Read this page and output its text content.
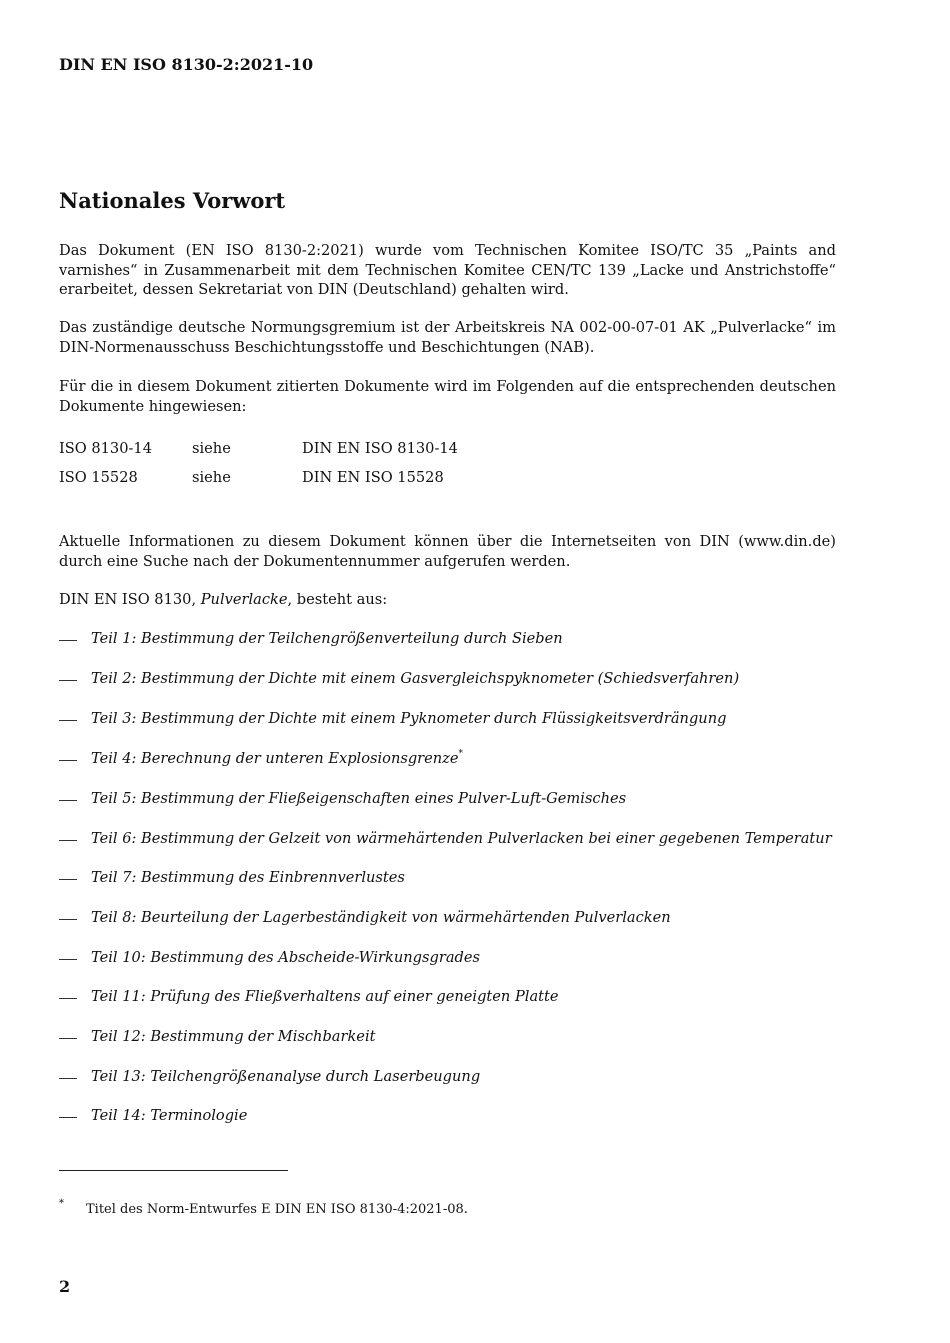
DIN EN ISO 8130-2:2021-10
Nationales Vorwort

Das Dokument (EN ISO 8130-2:2021) wurde vom Technischen Komitee ISO/TC 35 „Paints and varnishes“ in Zusammenarbeit mit dem Technischen Komitee CEN/TC 139 „Lacke und Anstrichstoffe“ erarbeitet, dessen Sekretariat von DIN (Deutschland) gehalten wird.

Das zuständige deutsche Normungsgremium ist der Arbeitskreis NA 002-00-07-01 AK „Pulverlacke“ im DIN-Normenausschuss Beschichtungsstoffe und Beschichtungen (NAB).

Für die in diesem Dokument zitierten Dokumente wird im Folgenden auf die entsprechenden deutschen Dokumente hingewiesen:

ISO 8130-14	siehe	DIN EN ISO 8130-14
ISO 15528	siehe	DIN EN ISO 15528

Aktuelle Informationen zu diesem Dokument können über die Internetseiten von DIN (www.din.de) durch eine Suche nach der Dokumentennummer aufgerufen werden.

DIN EN ISO 8130, Pulverlacke, besteht aus:
Teil 1: Bestimmung der Teilchengrößenverteilung durch Sieben
Teil 2: Bestimmung der Dichte mit einem Gasvergleichspyknometer (Schiedsverfahren)
Teil 3: Bestimmung der Dichte mit einem Pyknometer durch Flüssigkeitsverdrängung
Teil 4: Berechnung der unteren Explosionsgrenze*
Teil 5: Bestimmung der Fließeigenschaften eines Pulver-Luft-Gemisches
Teil 6: Bestimmung der Gelzeit von wärmehärtenden Pulverlacken bei einer gegebenen Temperatur
Teil 7: Bestimmung des Einbrennverlustes
Teil 8: Beurteilung der Lagerbeständigkeit von wärmehärtenden Pulverlacken
Teil 10: Bestimmung des Abscheide-Wirkungsgrades
Teil 11: Prüfung des Fließverhaltens auf einer geneigten Platte
Teil 12: Bestimmung der Mischbarkeit
Teil 13: Teilchengrößenanalyse durch Laserbeugung
Teil 14: Terminologie
* Titel des Norm-Entwurfes E DIN EN ISO 8130-4:2021-08.
2
